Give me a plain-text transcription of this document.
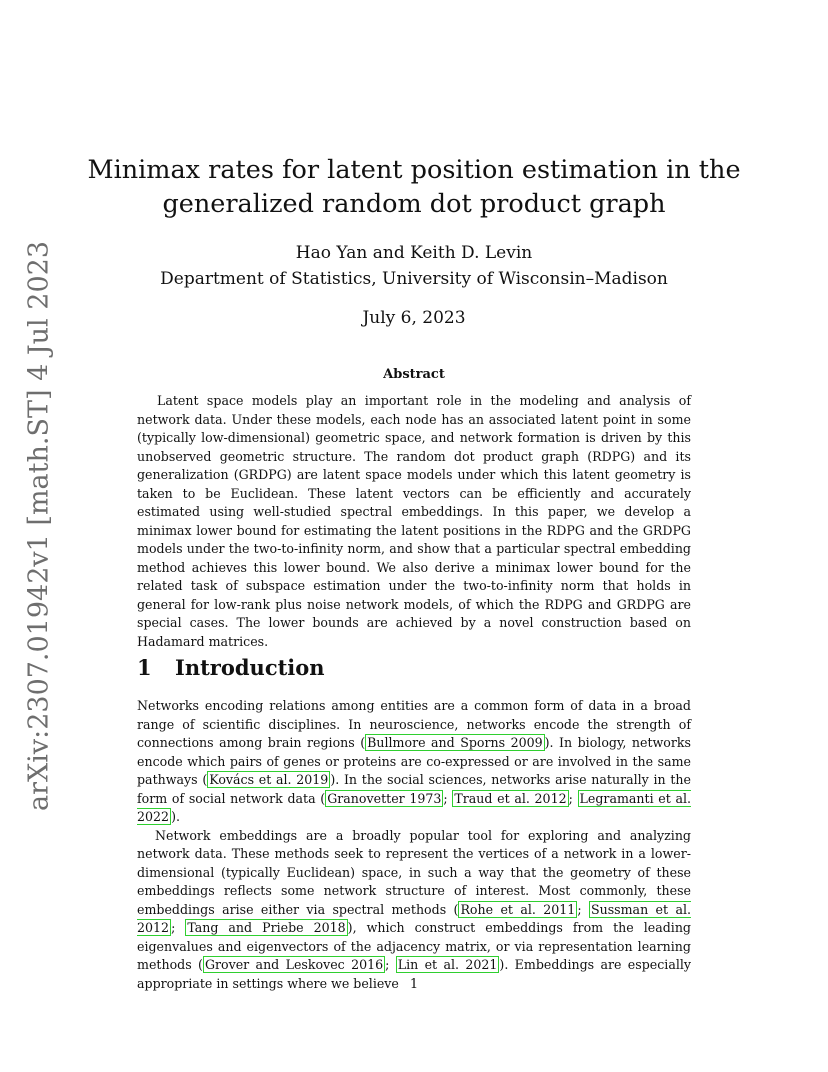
arXiv:2307.01942v1 [math.ST] 4 Jul 2023
Minimax rates for latent position estimation in the generalized random dot product graph
Hao Yan and Keith D. Levin
Department of Statistics, University of Wisconsin–Madison
July 6, 2023
Abstract

Latent space models play an important role in the modeling and analysis of network data. Under these models, each node has an associated latent point in some (typically low-dimensional) geometric space, and network formation is driven by this unobserved geometric structure. The random dot product graph (RDPG) and its generalization (GRDPG) are latent space models under which this latent geometry is taken to be Euclidean. These latent vectors can be efficiently and accurately estimated using well-studied spectral embeddings. In this paper, we develop a minimax lower bound for estimating the latent positions in the RDPG and the GRDPG models under the two-to-infinity norm, and show that a particular spectral embedding method achieves this lower bound. We also derive a minimax lower bound for the related task of subspace estimation under the two-to-infinity norm that holds in general for low-rank plus noise network models, of which the RDPG and GRDPG are special cases. The lower bounds are achieved by a novel construction based on Hadamard matrices.

1 Introduction

Networks encoding relations among entities are a common form of data in a broad range of scientific disciplines. In neuroscience, networks encode the strength of connections among brain regions ( Bullmore and Sporns 2009 ). In biology, networks encode which pairs of genes or proteins are co-expressed or are involved in the same pathways ( Kovács et al. 2019 ). In the social sciences, networks arise naturally in the form of social network data ( Granovetter 1973 ; Traud et al. 2012 ; Legramanti et al. 2022 ).

Network embeddings are a broadly popular tool for exploring and analyzing network data. These methods seek to represent the vertices of a network in a lower-dimensional (typically Euclidean) space, in such a way that the geometry of these embeddings reflects some network structure of interest. Most commonly, these embeddings arise either via spectral methods ( Rohe et al. 2011 ; Sussman et al. 2012 ; Tang and Priebe 2018 ), which construct embeddings from the leading eigenvalues and eigenvectors of the adjacency matrix, or via representation learning methods ( Grover and Leskovec 2016 ; Lin et al. 2021 ). Embeddings are especially appropriate in settings where we believe 1
